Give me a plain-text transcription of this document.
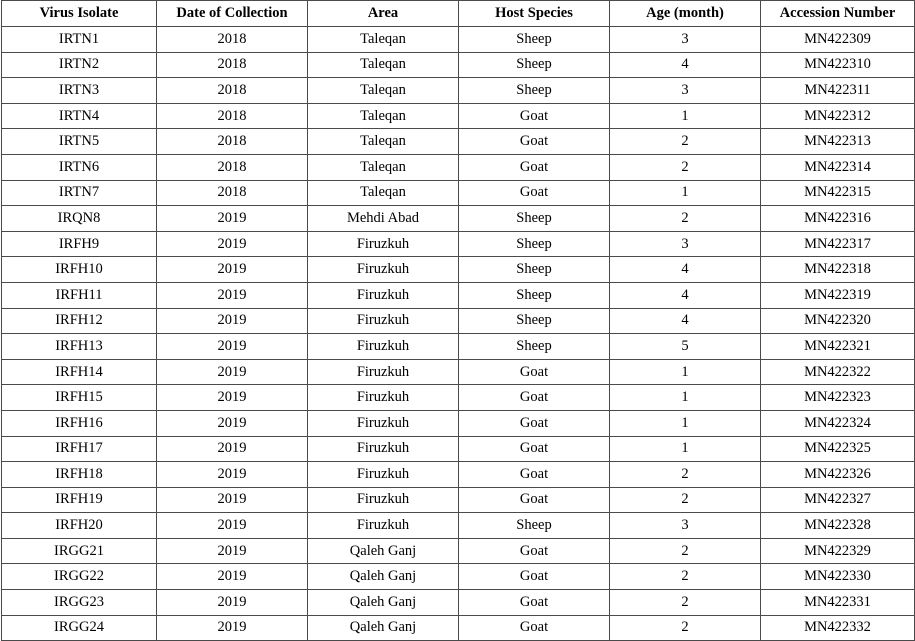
Virus Isolate	Date of Collection	Area	Host Species	Age (month)	Accession Number
IRTN1	2018	Taleqan	Sheep	3	MN422309
IRTN2	2018	Taleqan	Sheep	4	MN422310
IRTN3	2018	Taleqan	Sheep	3	MN422311
IRTN4	2018	Taleqan	Goat	1	MN422312
IRTN5	2018	Taleqan	Goat	2	MN422313
IRTN6	2018	Taleqan	Goat	2	MN422314
IRTN7	2018	Taleqan	Goat	1	MN422315
IRQN8	2019	Mehdi Abad	Sheep	2	MN422316
IRFH9	2019	Firuzkuh	Sheep	3	MN422317
IRFH10	2019	Firuzkuh	Sheep	4	MN422318
IRFH11	2019	Firuzkuh	Sheep	4	MN422319
IRFH12	2019	Firuzkuh	Sheep	4	MN422320
IRFH13	2019	Firuzkuh	Sheep	5	MN422321
IRFH14	2019	Firuzkuh	Goat	1	MN422322
IRFH15	2019	Firuzkuh	Goat	1	MN422323
IRFH16	2019	Firuzkuh	Goat	1	MN422324
IRFH17	2019	Firuzkuh	Goat	1	MN422325
IRFH18	2019	Firuzkuh	Goat	2	MN422326
IRFH19	2019	Firuzkuh	Goat	2	MN422327
IRFH20	2019	Firuzkuh	Sheep	3	MN422328
IRGG21	2019	Qaleh Ganj	Goat	2	MN422329
IRGG22	2019	Qaleh Ganj	Goat	2	MN422330
IRGG23	2019	Qaleh Ganj	Goat	2	MN422331
IRGG24	2019	Qaleh Ganj	Goat	2	MN422332
